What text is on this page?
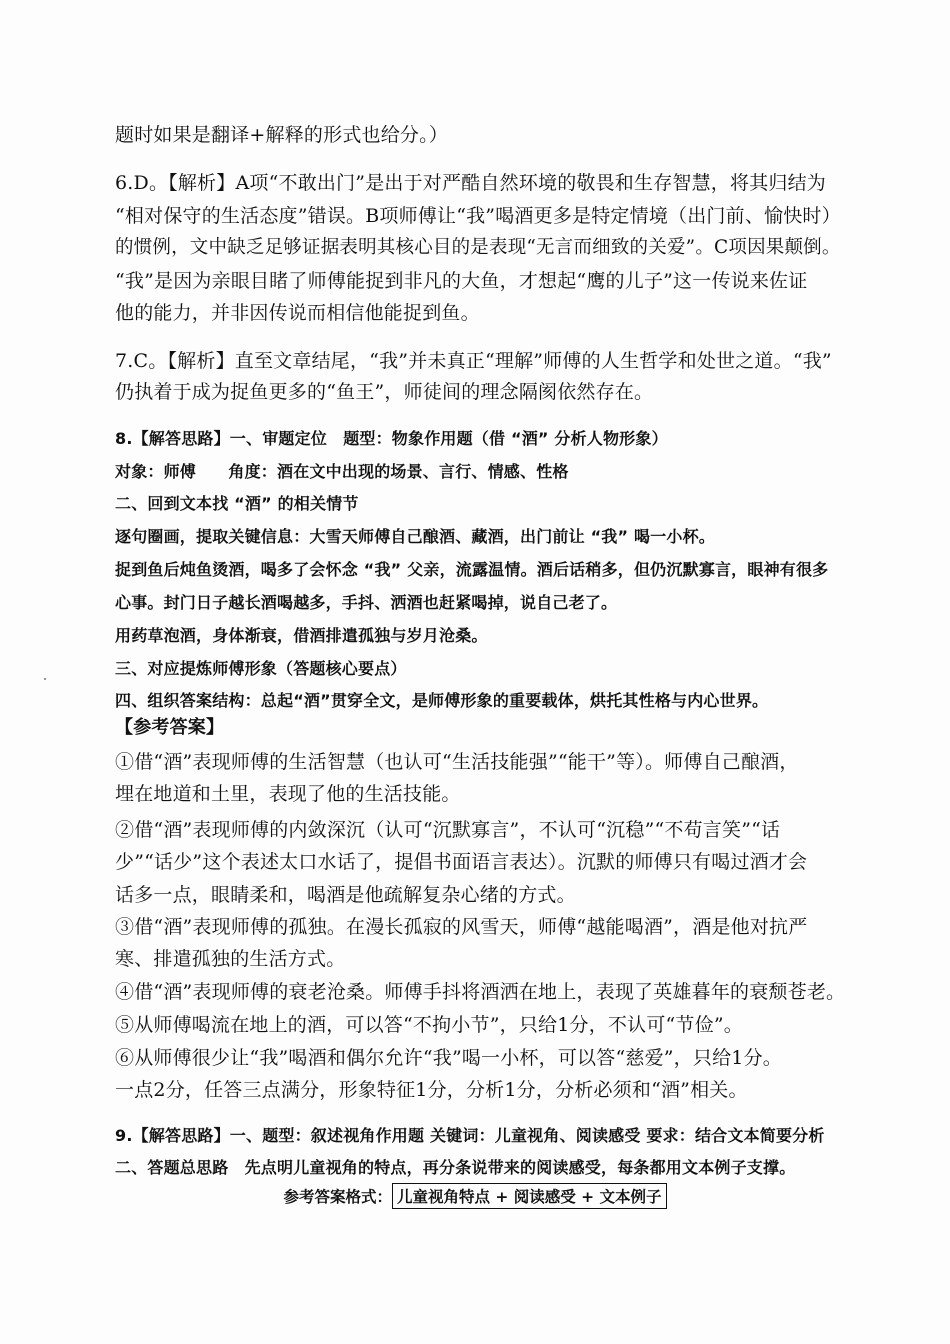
题时如果是翻译+解释的形式也给分。）
6.D。【解析】A项“不敢出门”是出于对严酷自然环境的敬畏和生存智慧，将其归结为
“相对保守的生活态度”错误。B项师傅让“我”喝酒更多是特定情境（出门前、愉快时）
的惯例，文中缺乏足够证据表明其核心目的是表现“无言而细致的关爱”。C项因果颠倒。
“我”是因为亲眼目睹了师傅能捉到非凡的大鱼，才想起“鹰的儿子”这一传说来佐证
他的能力，并非因传说而相信他能捉到鱼。
7.C。【解析】直至文章结尾，“我”并未真正“理解”师傅的人生哲学和处世之道。“我”
仍执着于成为捉鱼更多的“鱼王”，师徒间的理念隔阂依然存在。
8.【解答思路】一、审题定位　题型：物象作用题（借 “酒” 分析人物形象）
对象：师傅　　角度：酒在文中出现的场景、言行、情感、性格
二、回到文本找 “酒” 的相关情节
逐句圈画，提取关键信息：大雪天师傅自己酿酒、藏酒，出门前让 “我” 喝一小杯。
捉到鱼后炖鱼烫酒，喝多了会怀念 “我” 父亲，流露温情。酒后话稍多，但仍沉默寡言，眼神有很多
心事。封门日子越长酒喝越多，手抖、洒酒也赶紧喝掉，说自己老了。
用药草泡酒，身体渐衰，借酒排遣孤独与岁月沧桑。
三、对应提炼师傅形象（答题核心要点）
四、组织答案结构：总起“酒”贯穿全文，是师傅形象的重要载体，烘托其性格与内心世界。
【参考答案】
①借“酒”表现师傅的生活智慧（也认可“生活技能强”“能干”等）。师傅自己酿酒，
埋在地道和土里，表现了他的生活技能。
②借“酒”表现师傅的内敛深沉（认可“沉默寡言”，不认可“沉稳”“不苟言笑”“话
少”“话少”这个表述太口水话了，提倡书面语言表达）。沉默的师傅只有喝过酒才会
话多一点，眼睛柔和，喝酒是他疏解复杂心绪的方式。
③借“酒”表现师傅的孤独。在漫长孤寂的风雪天，师傅“越能喝酒”，酒是他对抗严
寒、排遣孤独的生活方式。
④借“酒”表现师傅的衰老沧桑。师傅手抖将酒洒在地上，表现了英雄暮年的衰颓苍老。
⑤从师傅喝流在地上的酒，可以答“不拘小节”，只给1分，不认可“节俭”。
⑥从师傅很少让“我”喝酒和偶尔允许“我”喝一小杯，可以答“慈爱”，只给1分。
一点2分，任答三点满分，形象特征1分，分析1分，分析必须和“酒”相关。
9.【解答思路】一、题型：叙述视角作用题 关键词：儿童视角、阅读感受 要求：结合文本简要分析
二、答题总思路　先点明儿童视角的特点，再分条说带来的阅读感受，每条都用文本例子支撑。
参考答案格式： 儿童视角特点 + 阅读感受 + 文本例子
